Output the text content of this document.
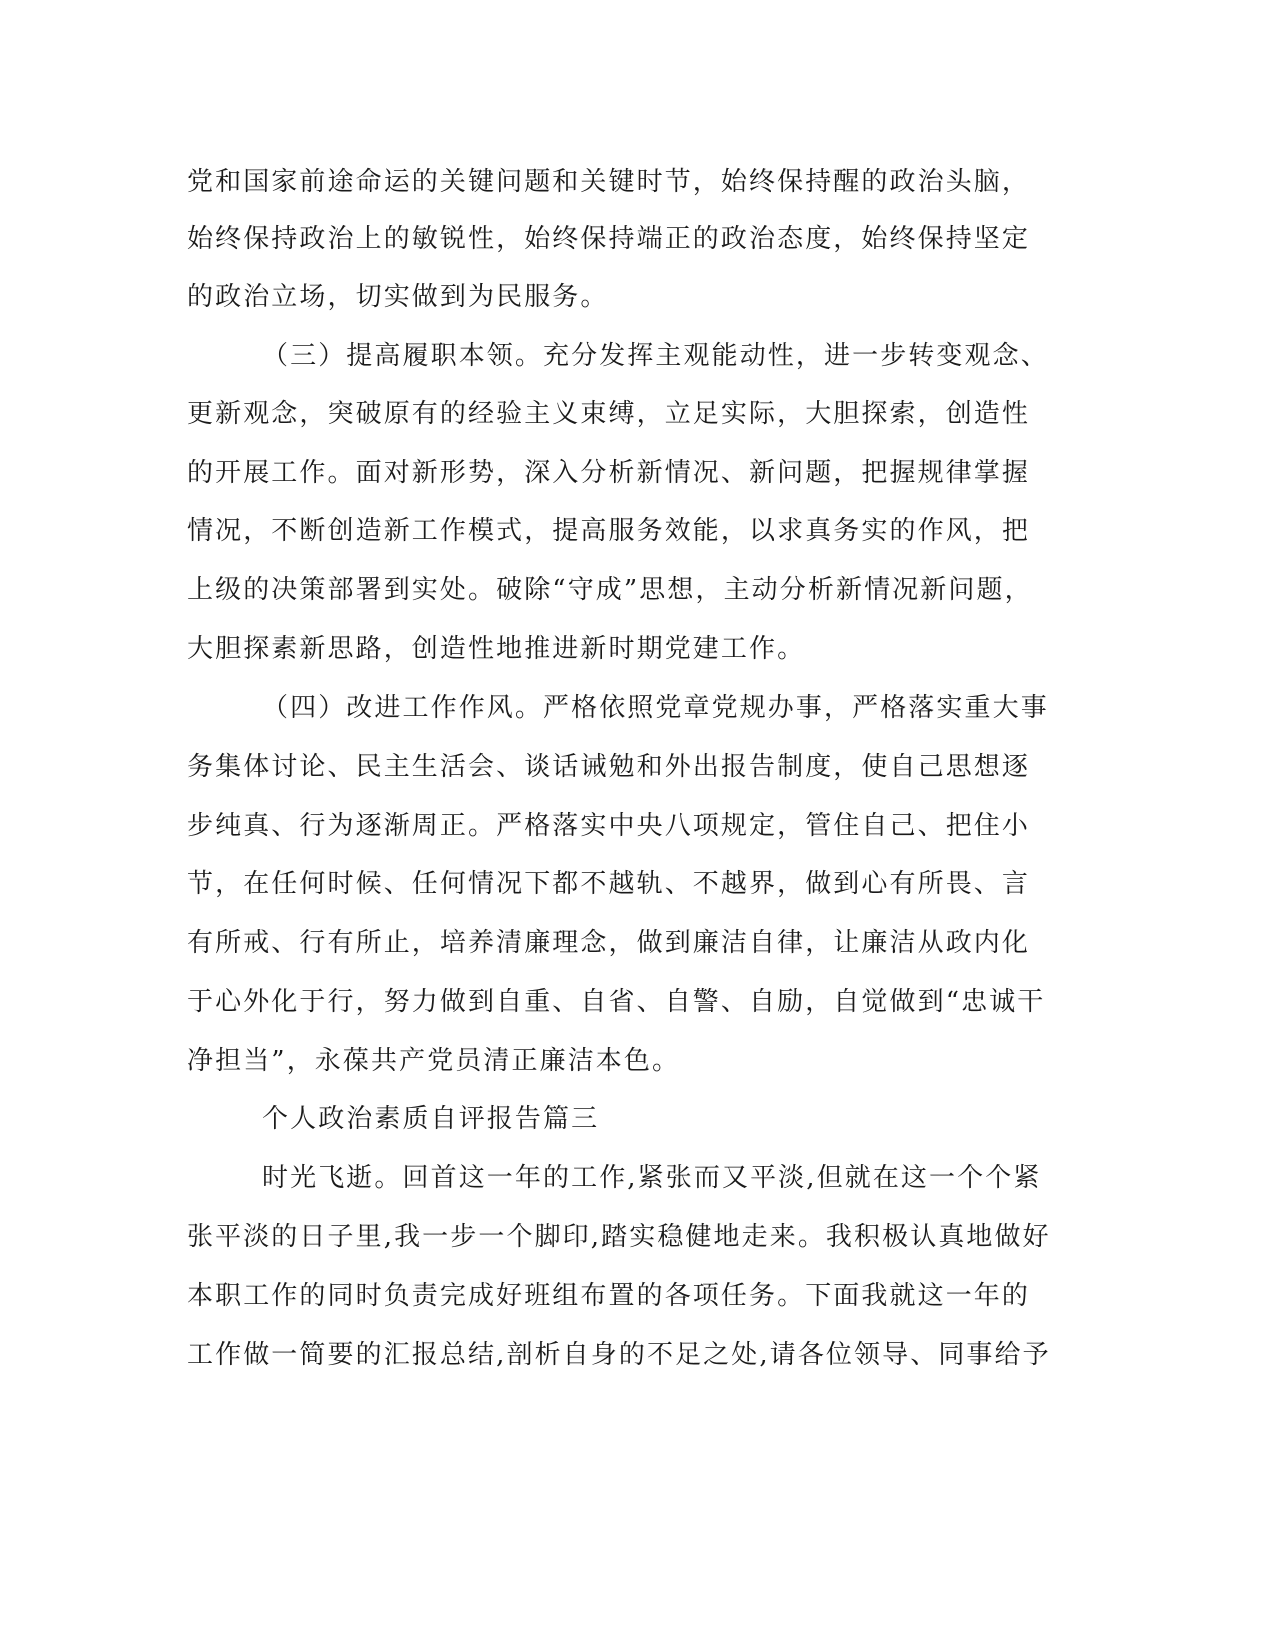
党和国家前途命运的关键问题和关键时节，始终保持醒的政治头脑，
始终保持政治上的敏锐性，始终保持端正的政治态度，始终保持坚定
的政治立场，切实做到为民服务。
（三）提高履职本领。充分发挥主观能动性，进一步转变观念、
更新观念，突破原有的经验主义束缚，立足实际，大胆探索，创造性
的开展工作。面对新形势，深入分析新情况、新问题，把握规律掌握
情况，不断创造新工作模式，提高服务效能，以求真务实的作风，把
上级的决策部署到实处。破除“守成”思想，主动分析新情况新问题，
大胆探素新思路，创造性地推进新时期党建工作。
（四）改进工作作风。严格依照党章党规办事，严格落实重大事
务集体讨论、民主生活会、谈话诫勉和外出报告制度，使自己思想逐
步纯真、行为逐渐周正。严格落实中央八项规定，管住自己、把住小
节，在任何时候、任何情况下都不越轨、不越界，做到心有所畏、言
有所戒、行有所止，培养清廉理念，做到廉洁自律，让廉洁从政内化
于心外化于行，努力做到自重、自省、自警、自励，自觉做到“忠诚干
净担当”，永葆共产党员清正廉洁本色。
个人政治素质自评报告篇三
时光飞逝。回首这一年的工作,紧张而又平淡,但就在这一个个紧
张平淡的日子里,我一步一个脚印,踏实稳健地走来。我积极认真地做好
本职工作的同时负责完成好班组布置的各项任务。下面我就这一年的
工作做一简要的汇报总结,剖析自身的不足之处,请各位领导、同事给予
